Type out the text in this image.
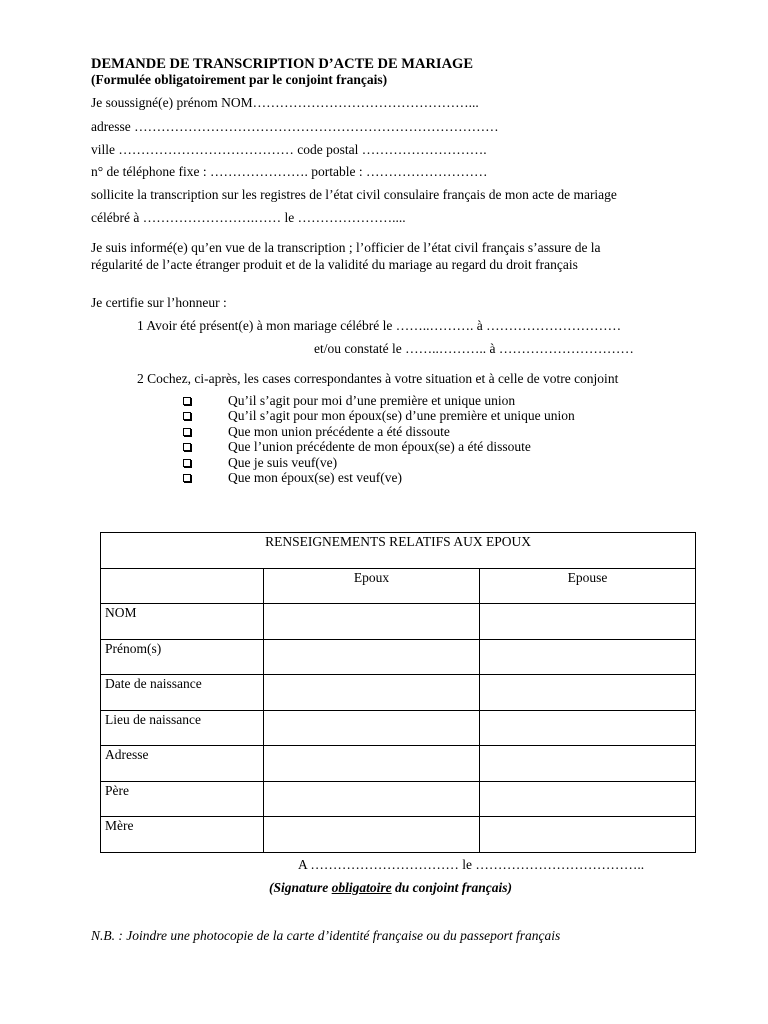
DEMANDE DE TRANSCRIPTION D’ACTE DE MARIAGE
(Formulée obligatoirement par le conjoint français)
Je soussigné(e) prénom NOM…………………………………………...
adresse ………………………………………………………………………
ville ………………………………… code postal ……………………….
n° de téléphone fixe : …………………. portable : ………………………
sollicite la transcription sur les registres de l’état civil consulaire français de mon acte de mariage
célébré à …………………….…… le …………………....
Je suis informé(e) qu’en vue de la transcription ; l’officier de l’état civil français s’assure de la
régularité de l’acte étranger produit et de la validité du mariage au regard du droit français
Je certifie sur l’honneur :
1 Avoir été présent(e) à mon mariage célébré le ……..………. à …………………………
et/ou constaté le ……..……….. à …………………………
2 Cochez, ci-après, les cases correspondantes à votre situation et à celle de votre conjoint
Qu’il s’agit pour moi d’une première et unique union
Qu’il s’agit pour mon époux(se) d’une première et unique union
Que mon union précédente a été dissoute
Que l’union précédente de mon époux(se) a été dissoute
Que je suis veuf(ve)
Que mon époux(se) est veuf(ve)
RENSEIGNEMENTS RELATIFS AUX EPOUX		
	Epoux	Epouse
NOM		
Prénom(s)		
Date de naissance		
Lieu de naissance		
Adresse		
Père		
Mère		
A …………………………… le ………………………………..
(Signature obligatoire du conjoint français)
N.B. : Joindre une photocopie de la carte d’identité française ou du passeport français
